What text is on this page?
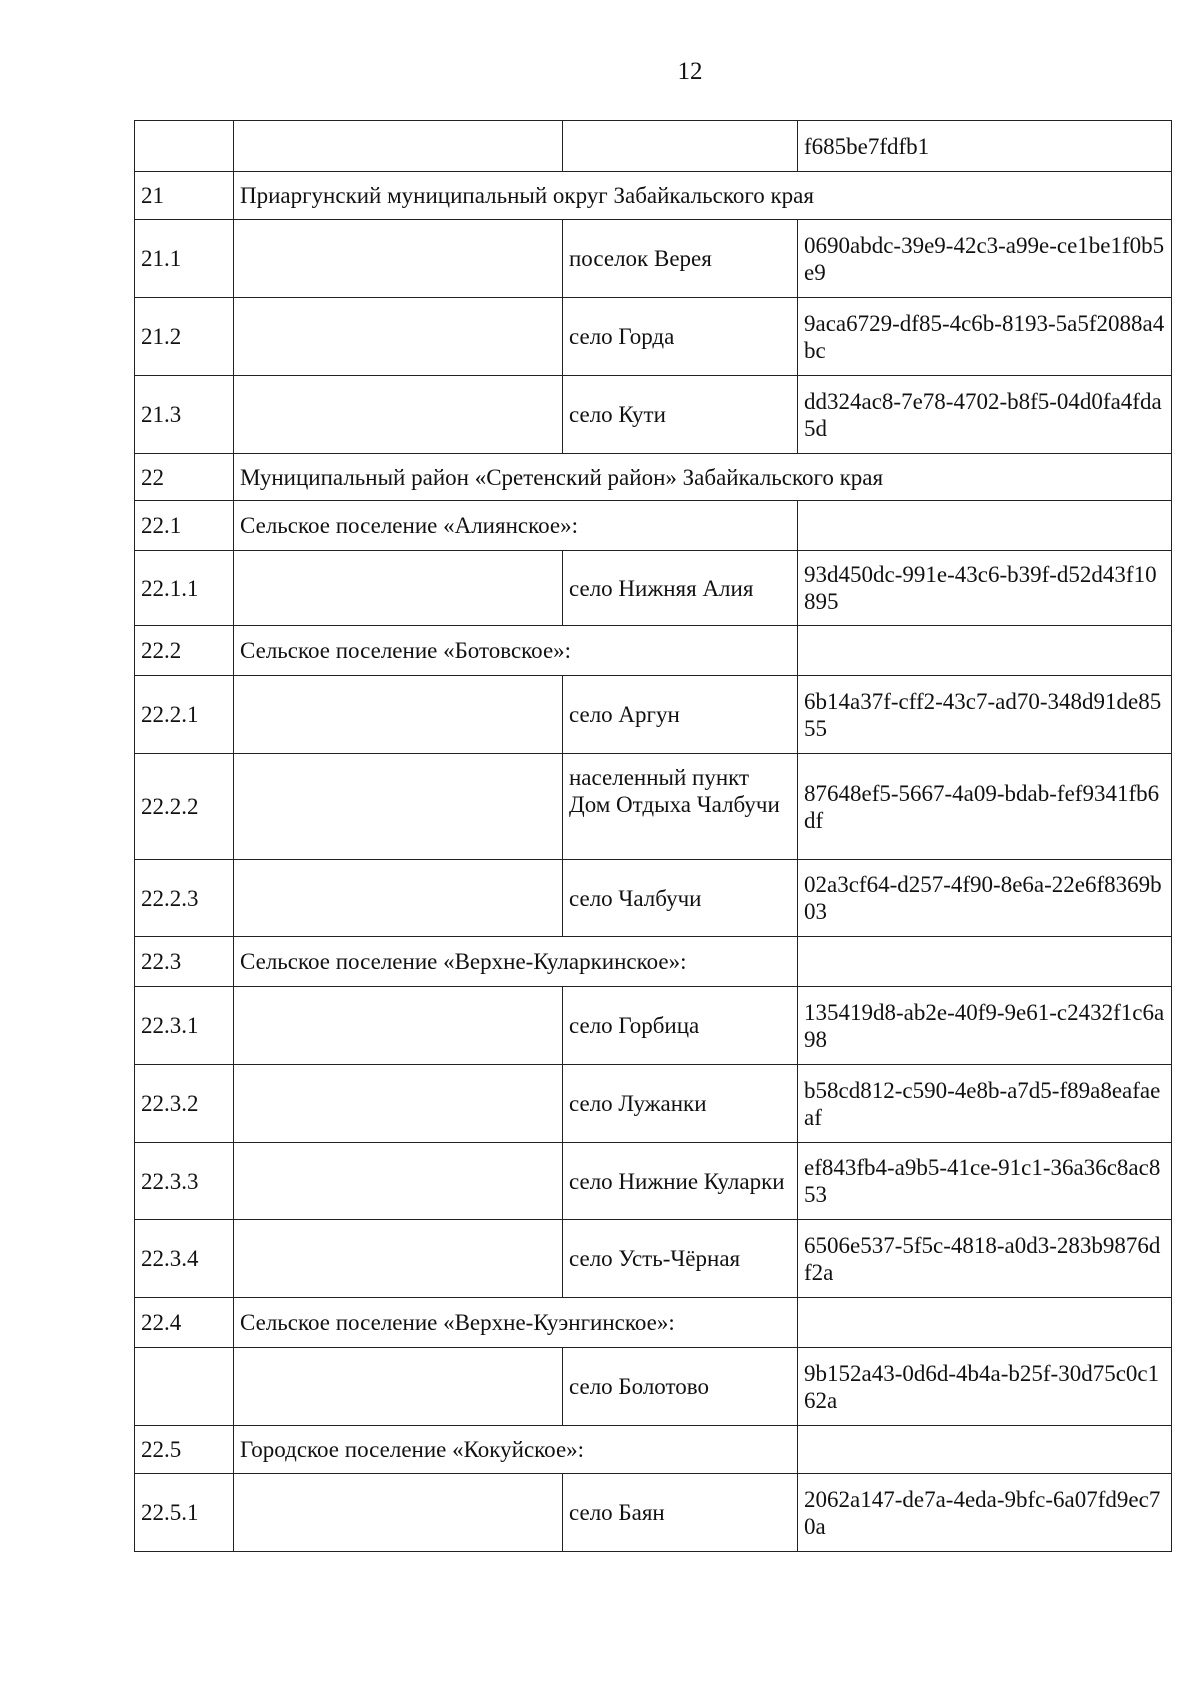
12
			f685be7fdfb1
21	Приаргунский муниципальный округ Забайкальского края		
21.1		поселок Верея	0690abdc-39e9-42c3-a99e-ce1be1f0b5e9
21.2		село Горда	9aca6729-df85-4c6b-8193-5a5f2088a4bc
21.3		село Кути	dd324ac8-7e78-4702-b8f5-04d0fa4fda5d
22	Муниципальный район «Сретенский район» Забайкальского края		
22.1	Сельское поселение «Алиянское»:		
22.1.1		село Нижняя Алия	93d450dc-991e-43c6-b39f-d52d43f10895
22.2	Сельское поселение «Ботовское»:		
22.2.1		село Аргун	6b14a37f-cff2-43c7-ad70-348d91de8555
22.2.2		населенный пункт Дом Отдыха Чалбучи	87648ef5-5667-4a09-bdab-fef9341fb6df
22.2.3		село Чалбучи	02a3cf64-d257-4f90-8e6a-22e6f8369b03
22.3	Сельское поселение «Верхне-Куларкинское»:		
22.3.1		село Горбица	135419d8-ab2e-40f9-9e61-c2432f1c6a98
22.3.2		село Лужанки	b58cd812-c590-4e8b-a7d5-f89a8eafaeaf
22.3.3		село Нижние Куларки	ef843fb4-a9b5-41ce-91c1-36a36c8ac853
22.3.4		село Усть-Чёрная	6506e537-5f5c-4818-a0d3-283b9876df2a
22.4	Сельское поселение «Верхне-Куэнгинское»:		
		село Болотово	9b152a43-0d6d-4b4a-b25f-30d75c0c162a
22.5	Городское поселение «Кокуйское»:		
22.5.1		село Баян	2062a147-de7a-4eda-9bfc-6a07fd9ec70a
